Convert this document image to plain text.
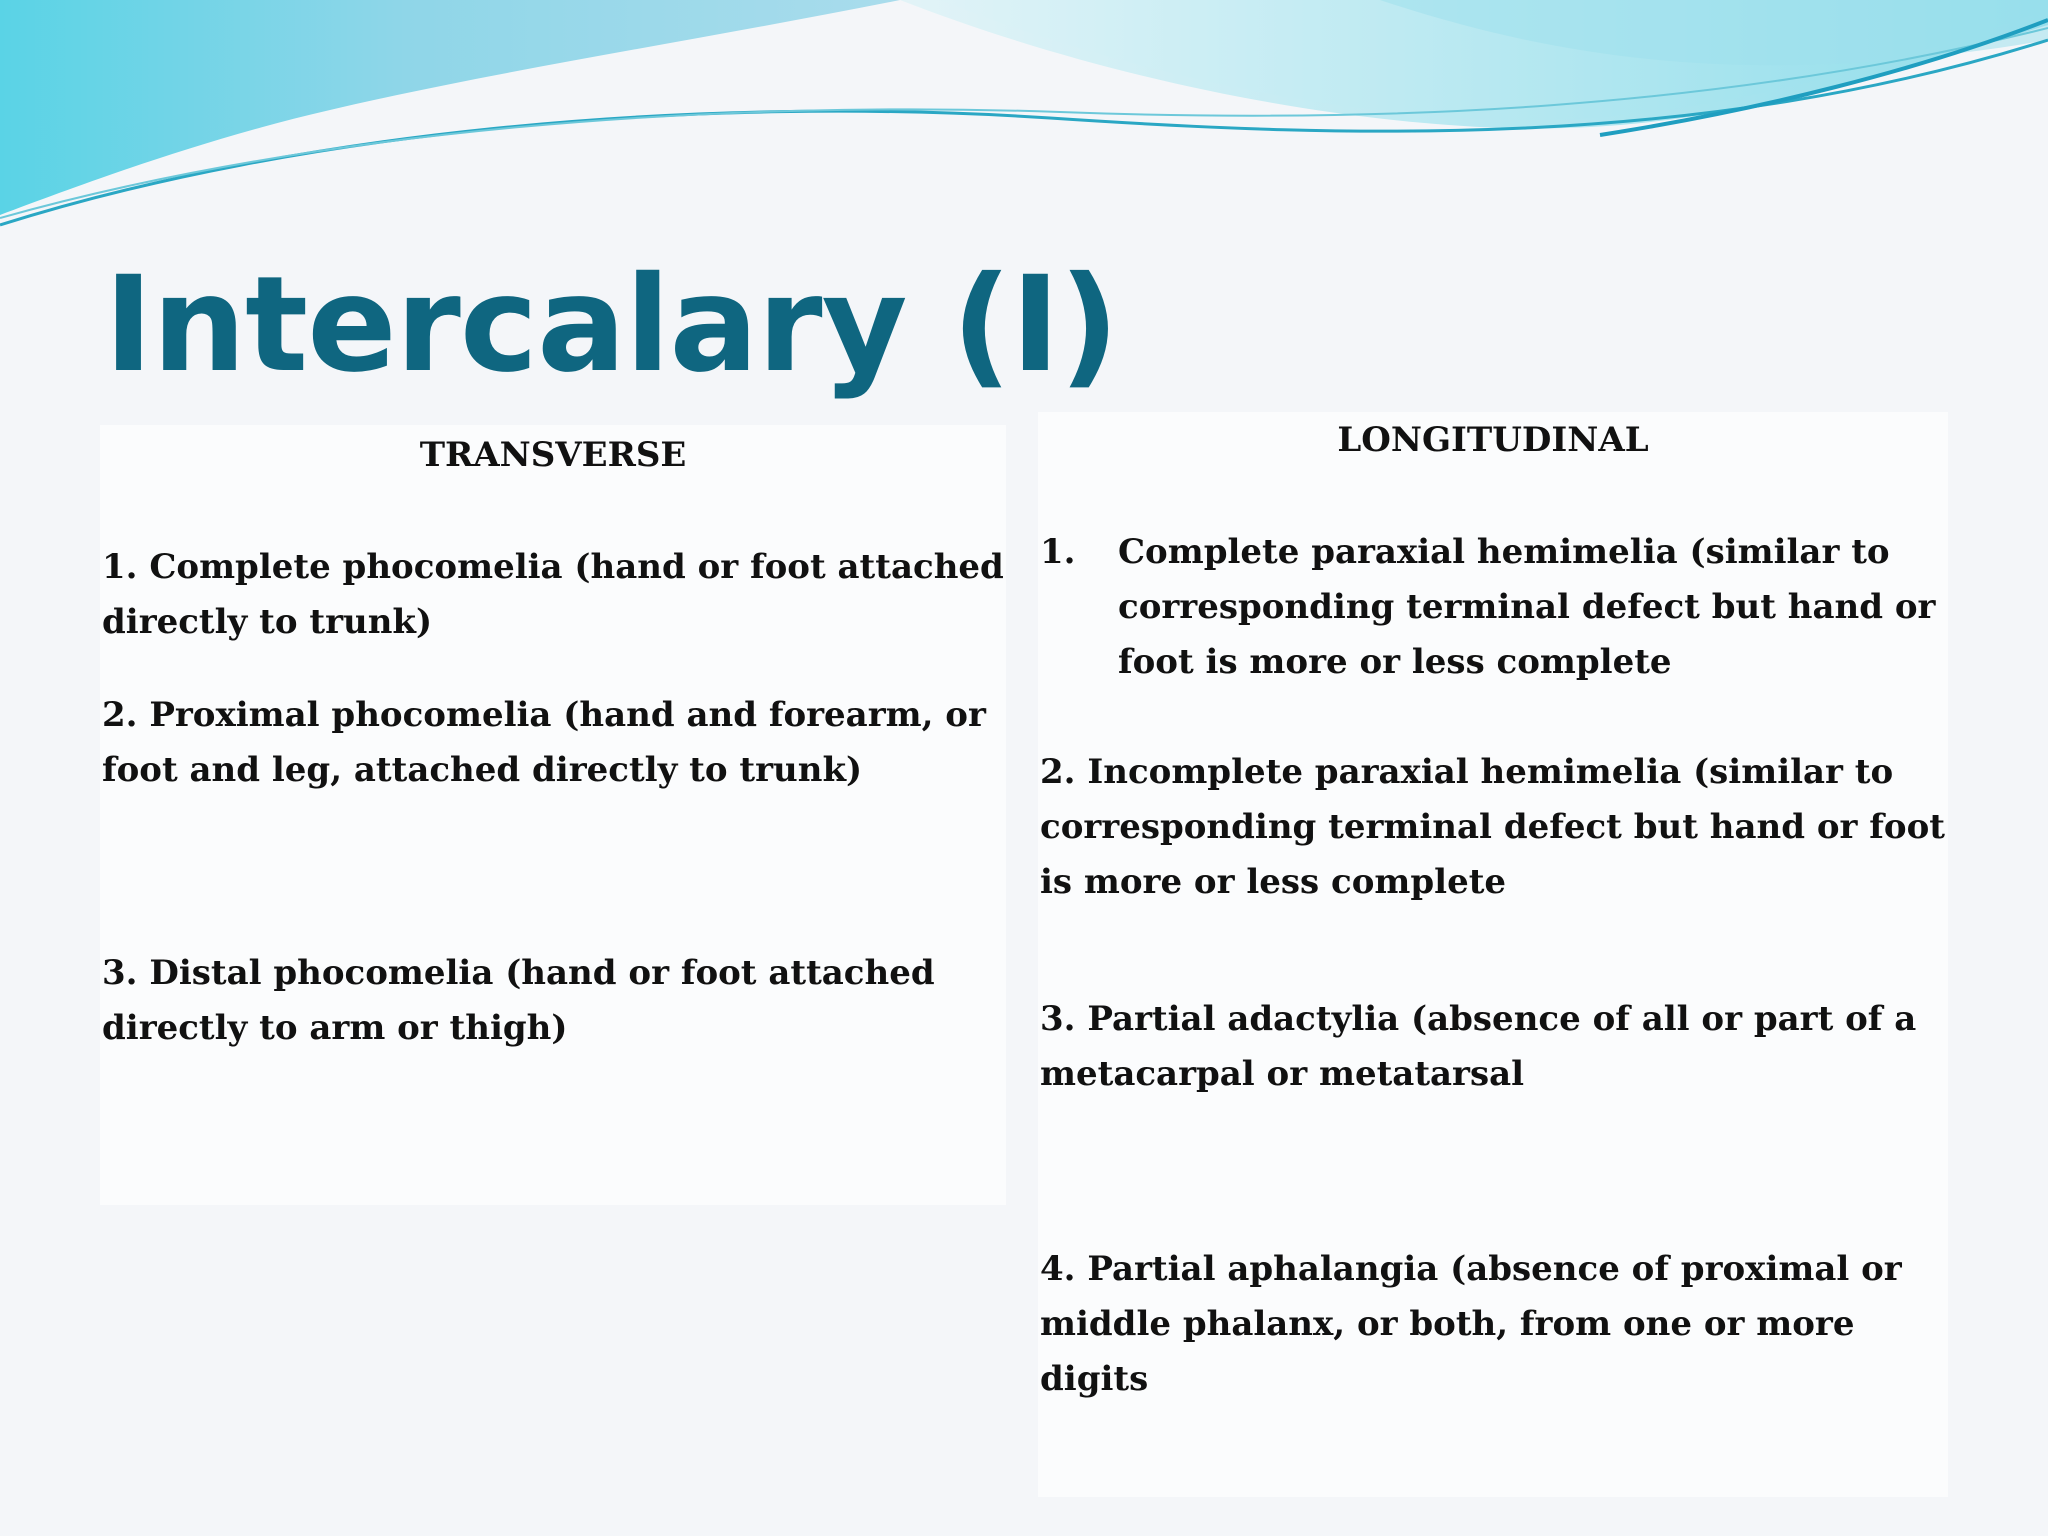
Intercalary (I)

TRANSVERSE

1. Complete phocomelia (hand or foot attached
directly to trunk)

2. Proximal phocomelia (hand and forearm, or
foot and leg, attached directly to trunk)

3. Distal phocomelia (hand or foot attached
directly to arm or thigh)

LONGITUDINAL

1. Complete paraxial hemimelia (similar to
corresponding terminal defect but hand or
foot is more or less complete

2. Incomplete paraxial hemimelia (similar to
corresponding terminal defect but hand or foot
is more or less complete

3. Partial adactylia (absence of all or part of a
metacarpal or metatarsal

4. Partial aphalangia (absence of proximal or
middle phalanx, or both, from one or more
digits
